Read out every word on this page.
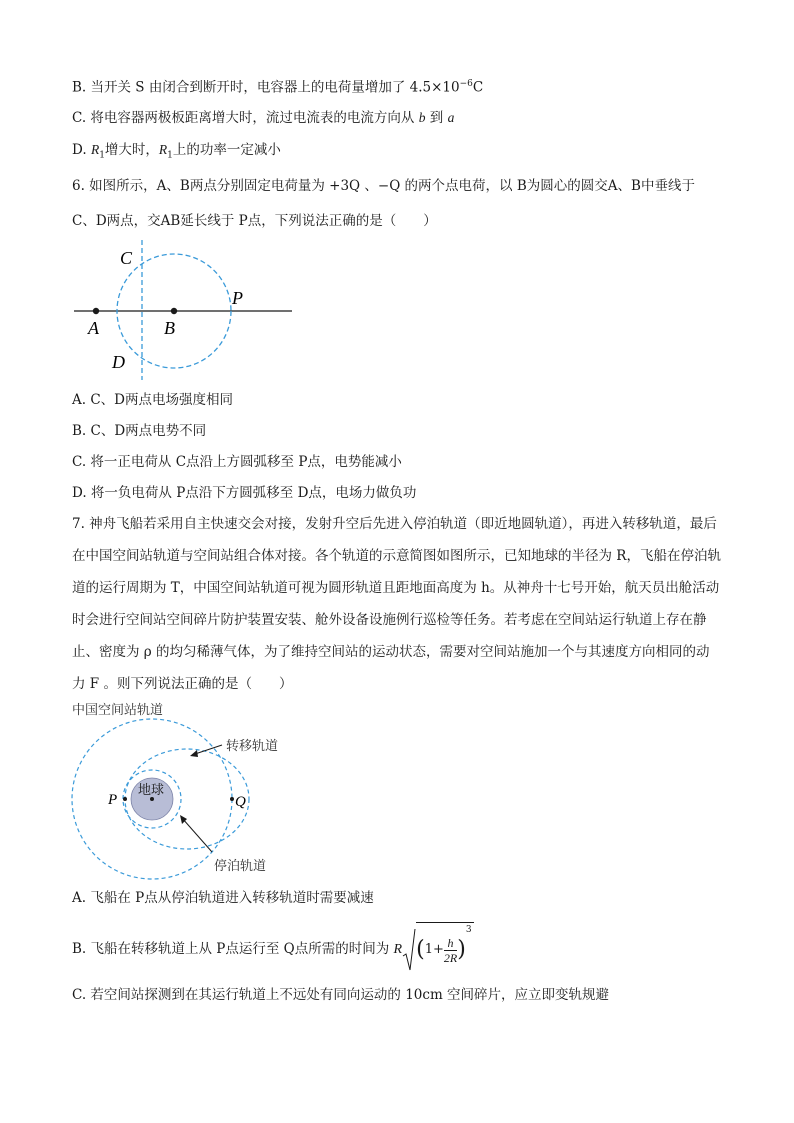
B. 当开关 S 由闭合到断开时，电容器上的电荷量增加了 $4.5\times 10^{-6}C$
C. 将电容器两极板距离增大时，流过电流表的电流方向从 b 到 a
D. $R_1$增大时，$R_1$上的功率一定减小
6. 如图所示，A、B两点分别固定电荷量为 +3Q 、−Q 的两个点电荷，以 B为圆心的圆交A、B中垂线于
C、D两点，交AB延长线于 P点，下列说法正确的是（　　）
C
D
A	B
P
A. C、D两点电场强度相同
B. C、D两点电势不同
C. 将一正电荷从 C点沿上方圆弧移至 P点，电势能减小
D. 将一负电荷从 P点沿下方圆弧移至 D点，电场力做负功
7. 神舟飞船若采用自主快速交会对接，发射升空后先进入停泊轨道（即近地圆轨道），再进入转移轨道，最后在中国空间站轨道与空间站组合体对接。各个轨道的示意简图如图所示，已知地球的半径为 R，飞船在停泊轨道的运行周期为 T，中国空间站轨道可视为圆形轨道且距地面高度为 h。从神舟十七号开始，航天员出舱活动时会进行空间站空间碎片防护装置安装、舱外设备设施例行巡检等任务。若考虑在空间站运行轨道上存在静止、密度为 ρ 的均匀稀薄气体，为了维持空间站的运动状态，需要对空间站施加一个与其速度方向相同的动力 F 。则下列说法正确的是（　　）
中国空间站轨道
地球
P	Q
转移轨道
停泊轨道
A. 飞船在 P点从停泊轨道进入转移轨道时需要减速
B. 飞船在转移轨道上从 P点运行至 Q点所需的时间为 R ( $1+ \frac{h}{2R}$ )
$^3$
C. 若空间站探测到在其运行轨道上不远处有同向运动的 10cm 空间碎片，应立即变轨规避
